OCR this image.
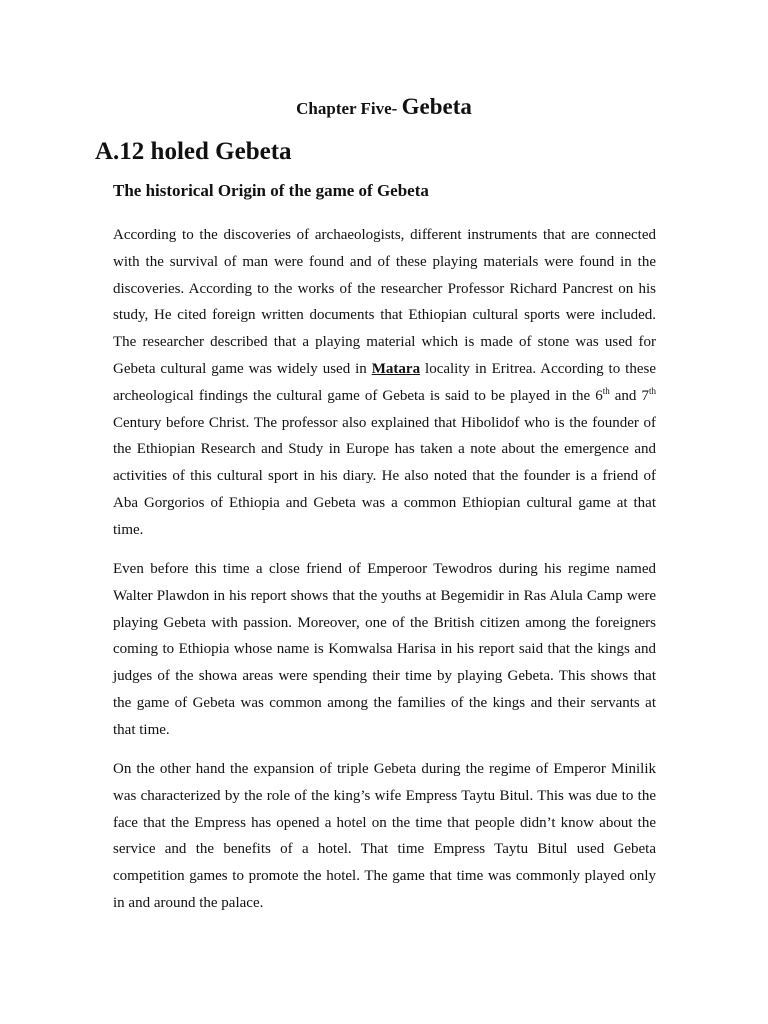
Chapter Five- Gebeta
A.12 holed Gebeta
The historical Origin of the game of Gebeta

According to the discoveries of archaeologists, different instruments that are connected with the survival of man were found and of these playing materials were found in the discoveries. According to the works of the researcher Professor Richard Pancrest on his study, He cited foreign written documents that Ethiopian cultural sports were included. The researcher described that a playing material which is made of stone was used for Gebeta cultural game was widely used in Matara locality in Eritrea. According to these archeological findings the cultural game of Gebeta is said to be played in the 6th and 7th Century before Christ. The professor also explained that Hibolidof who is the founder of the Ethiopian Research and Study in Europe has taken a note about the emergence and activities of this cultural sport in his diary. He also noted that the founder is a friend of Aba Gorgorios of Ethiopia and Gebeta was a common Ethiopian cultural game at that time.

Even before this time a close friend of Emperoor Tewodros during his regime named Walter Plawdon in his report shows that the youths at Begemidir in Ras Alula Camp were playing Gebeta with passion. Moreover, one of the British citizen among the foreigners coming to Ethiopia whose name is Komwalsa Harisa in his report said that the kings and judges of the showa areas were spending their time by playing Gebeta. This shows that the game of Gebeta was common among the families of the kings and their servants at that time.

On the other hand the expansion of triple Gebeta during the regime of Emperor Minilik was characterized by the role of the king’s wife Empress Taytu Bitul. This was due to the face that the Empress has opened a hotel on the time that people didn’t know about the service and the benefits of a hotel. That time Empress Taytu Bitul used Gebeta competition games to promote the hotel. The game that time was commonly played only in and around the palace.
